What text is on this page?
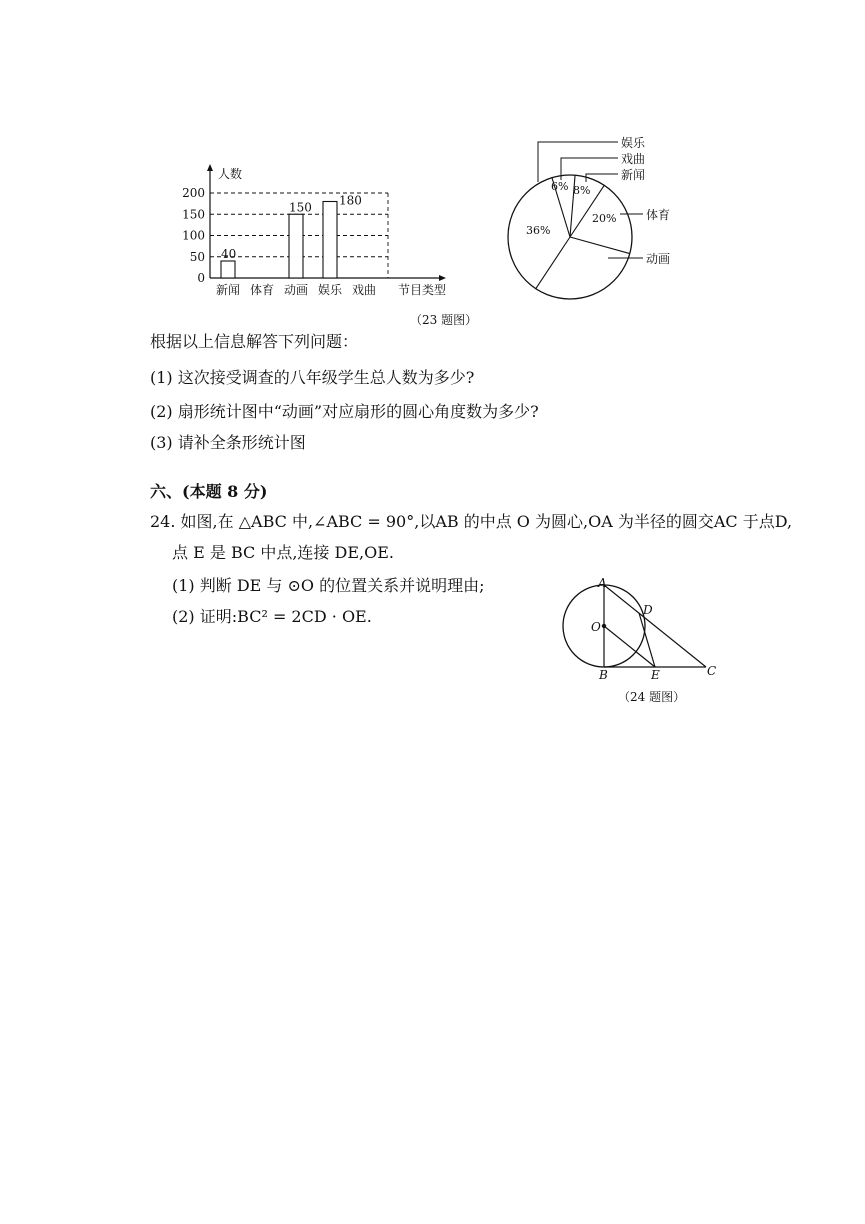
200
150
100
50
0
40
150 180
新闻 体育 动画 娱乐 戏曲
人数
节目类型
娱乐
戏曲
新闻
体育
动画
36%
6% 8%
20%
（23 题图）
根据以上信息解答下列问题：
(1) 这次接受调查的八年级学生总人数为多少?
(2) 扇形统计图中“动画”对应扇形的圆心角度数为多少?
(3) 请补全条形统计图
六、(本题 8 分)
24. 如图,在 △ABC 中,∠ABC = 90°,以AB 的中点 O 为圆心,OA 为半径的圆交AC 于点D,
点 E 是 BC 中点,连接 DE,OE.
(1) 判断 DE 与 ⊙O 的位置关系并说明理由;
(2) 证明:BC² = 2CD · OE.
A
D
O
B	E	C
（24 题图）
